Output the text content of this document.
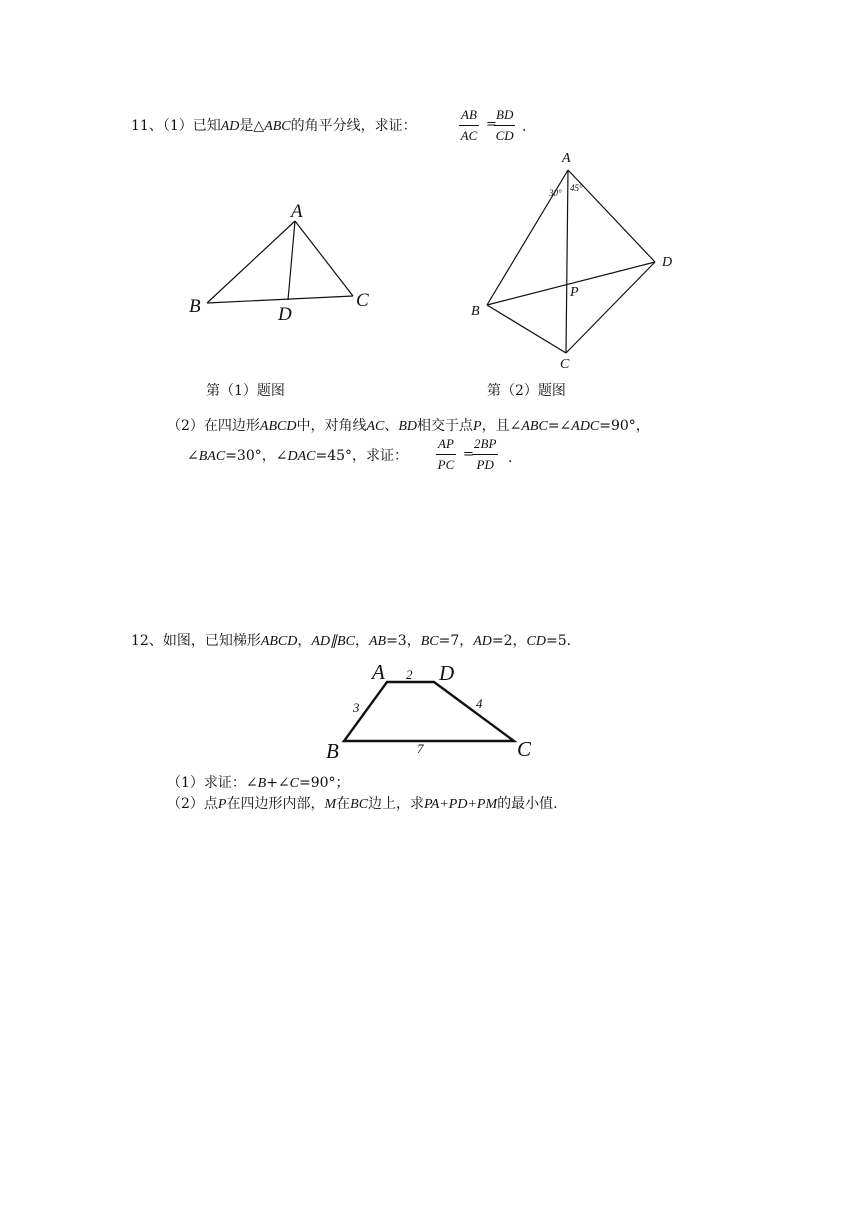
11、（1）已知AD是△ABC的角平分线，求证：	$\frac{AB}{AC}$ =
$\frac{BD}{CD}$ .
A
B	C
D
A
B
C
D
P
30° 45°
A	D
B	C
2
3	4
7
第（1）题图	第（2）题图
（2）在四边形ABCD中，对角线AC、BD相交于点P，且∠ABC=∠ADC=90°，
∠BAC=30°，∠DAC=45°，求证： $\frac{AP}{PC}$ =
$\frac{2BP}{PD}$ .
12、如图，已知梯形ABCD，AD∥BC，AB=3，BC=7，AD=2，CD=5.
（1）求证：∠B+∠C=90°；
（2）点P在四边形内部，M在BC边上，求PA+PD+PM的最小值.
